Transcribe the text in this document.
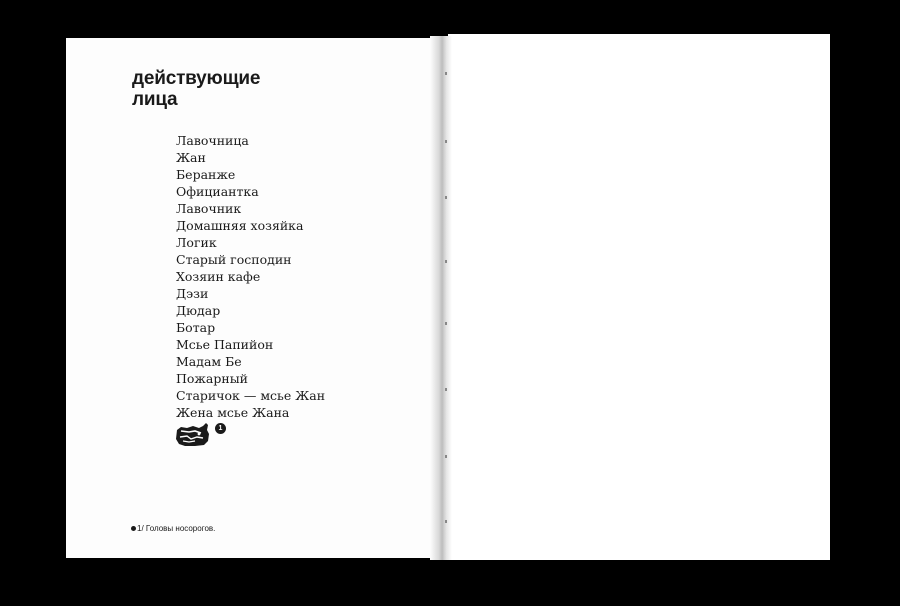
действующие
лица
Лавочница
Жан
Беранже
Официантка
Лавочник
Домашняя хозяйка
Логик
Старый господин
Хозяин кафе
Дэзи
Дюдар
Ботар
Мсье Папийон
Мадам Бе
Пожарный
Старичок — мсье Жан
Жена мсье Жана
1
1/ Головы носорогов.
